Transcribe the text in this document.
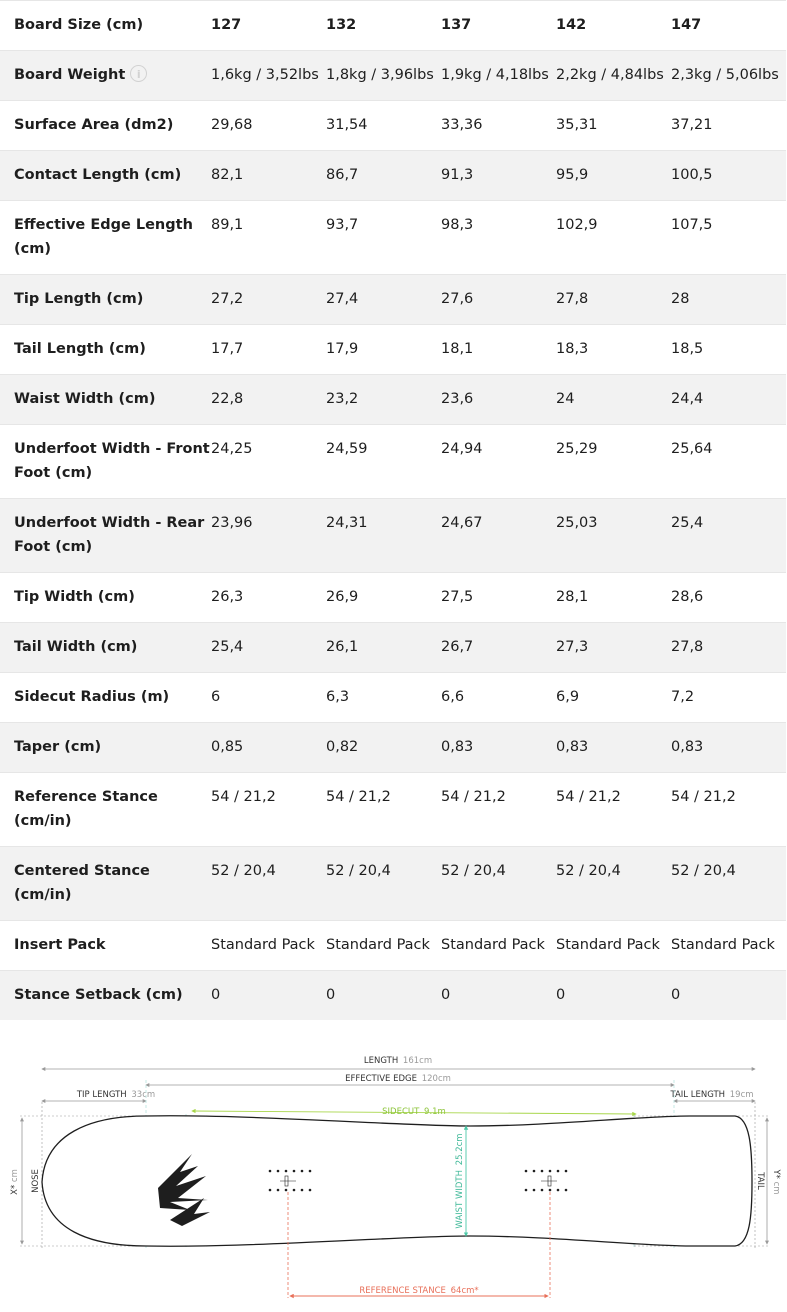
Board Size (cm)	127	132	137	142	147
Board Weight i	1,6kg / 3,52lbs	1,8kg / 3,96lbs	1,9kg / 4,18lbs	2,2kg / 4,84lbs	2,3kg / 5,06lbs
Surface Area (dm2)	29,68	31,54	33,36	35,31	37,21
Contact Length (cm)	82,1	86,7	91,3	95,9	100,5
Effective Edge Length (cm)	89,1	93,7	98,3	102,9	107,5
Tip Length (cm)	27,2	27,4	27,6	27,8	28
Tail Length (cm)	17,7	17,9	18,1	18,3	18,5
Waist Width (cm)	22,8	23,2	23,6	24	24,4
Underfoot Width - Front Foot (cm)	24,25	24,59	24,94	25,29	25,64
Underfoot Width - Rear Foot (cm)	23,96	24,31	24,67	25,03	25,4
Tip Width (cm)	26,3	26,9	27,5	28,1	28,6
Tail Width (cm)	25,4	26,1	26,7	27,3	27,8
Sidecut Radius (m)	6	6,3	6,6	6,9	7,2
Taper (cm)	0,85	0,82	0,83	0,83	0,83
Reference Stance (cm/in)	54 / 21,2	54 / 21,2	54 / 21,2	54 / 21,2	54 / 21,2
Centered Stance (cm/in)	52 / 20,4	52 / 20,4	52 / 20,4	52 / 20,4	52 / 20,4
Insert Pack	Standard Pack	Standard Pack	Standard Pack	Standard Pack	Standard Pack
Stance Setback (cm)	0	0	0	0	0
LENGTH 161cm
EFFECTIVE EDGE 120cm
TIP LENGTH 33cm	TAIL LENGTH 19cm
X* cm	Y* cm
SIDECUT 9.1m
WAIST WIDTH 25.2cm
NOSE	TAIL
REFERENCE STANCE 64cm*
